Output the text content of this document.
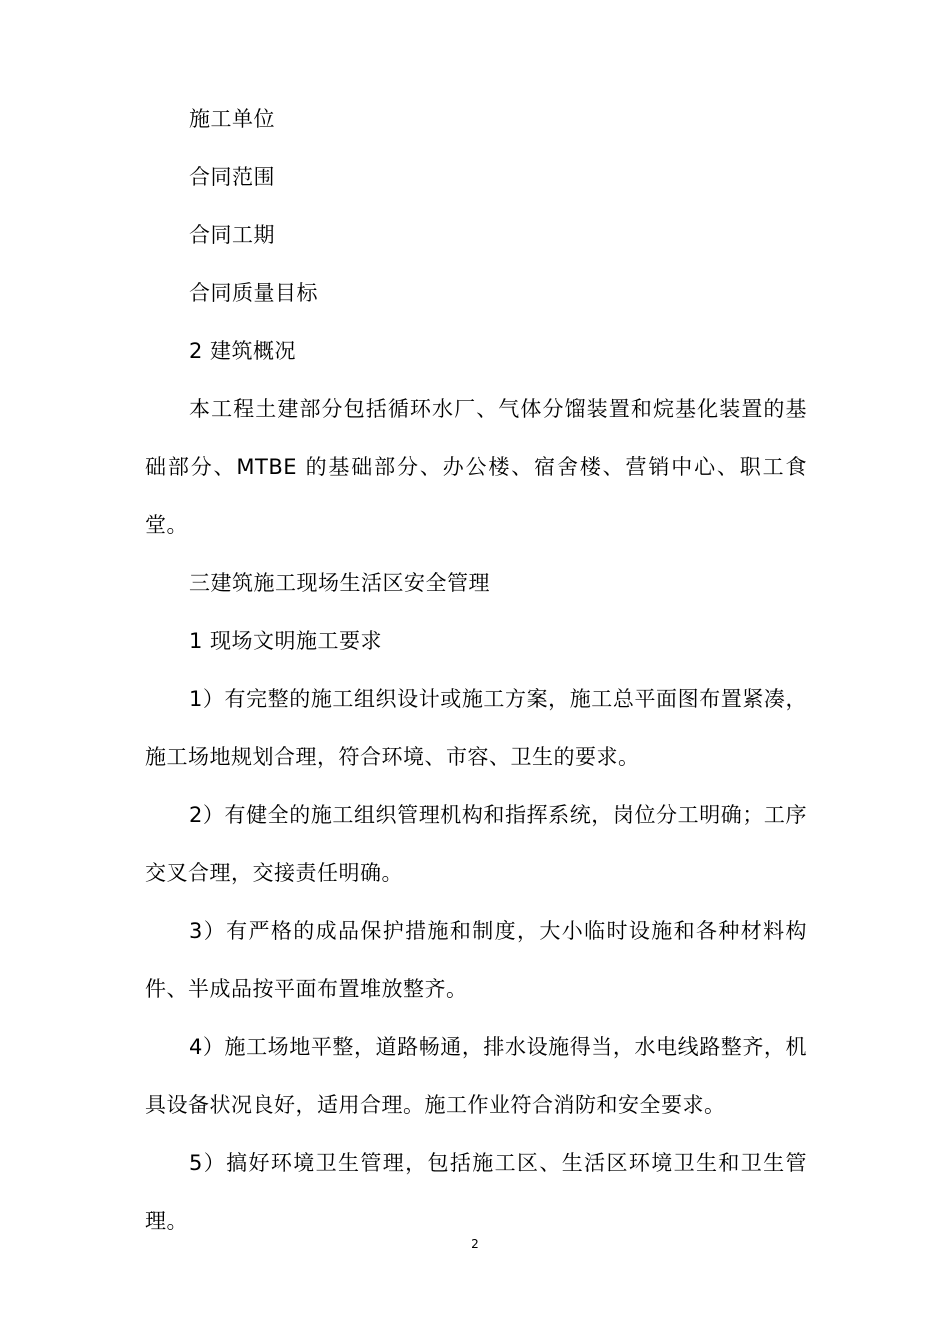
施工单位

合同范围

合同工期

合同质量目标

2 建筑概况

本工程土建部分包括循环水厂、气体分馏装置和烷基化装置的基础部分、MTBE 的基础部分、办公楼、宿舍楼、营销中心、职工食堂。

三建筑施工现场生活区安全管理

1 现场文明施工要求

1）有完整的施工组织设计或施工方案，施工总平面图布置紧凑，施工场地规划合理，符合环境、市容、卫生的要求。

2）有健全的施工组织管理机构和指挥系统，岗位分工明确；工序交叉合理，交接责任明确。

3）有严格的成品保护措施和制度，大小临时设施和各种材料构件、半成品按平面布置堆放整齐。

4）施工场地平整，道路畅通，排水设施得当，水电线路整齐，机具设备状况良好，适用合理。施工作业符合消防和安全要求。

5）搞好环境卫生管理，包括施工区、生活区环境卫生和卫生管理。

2
